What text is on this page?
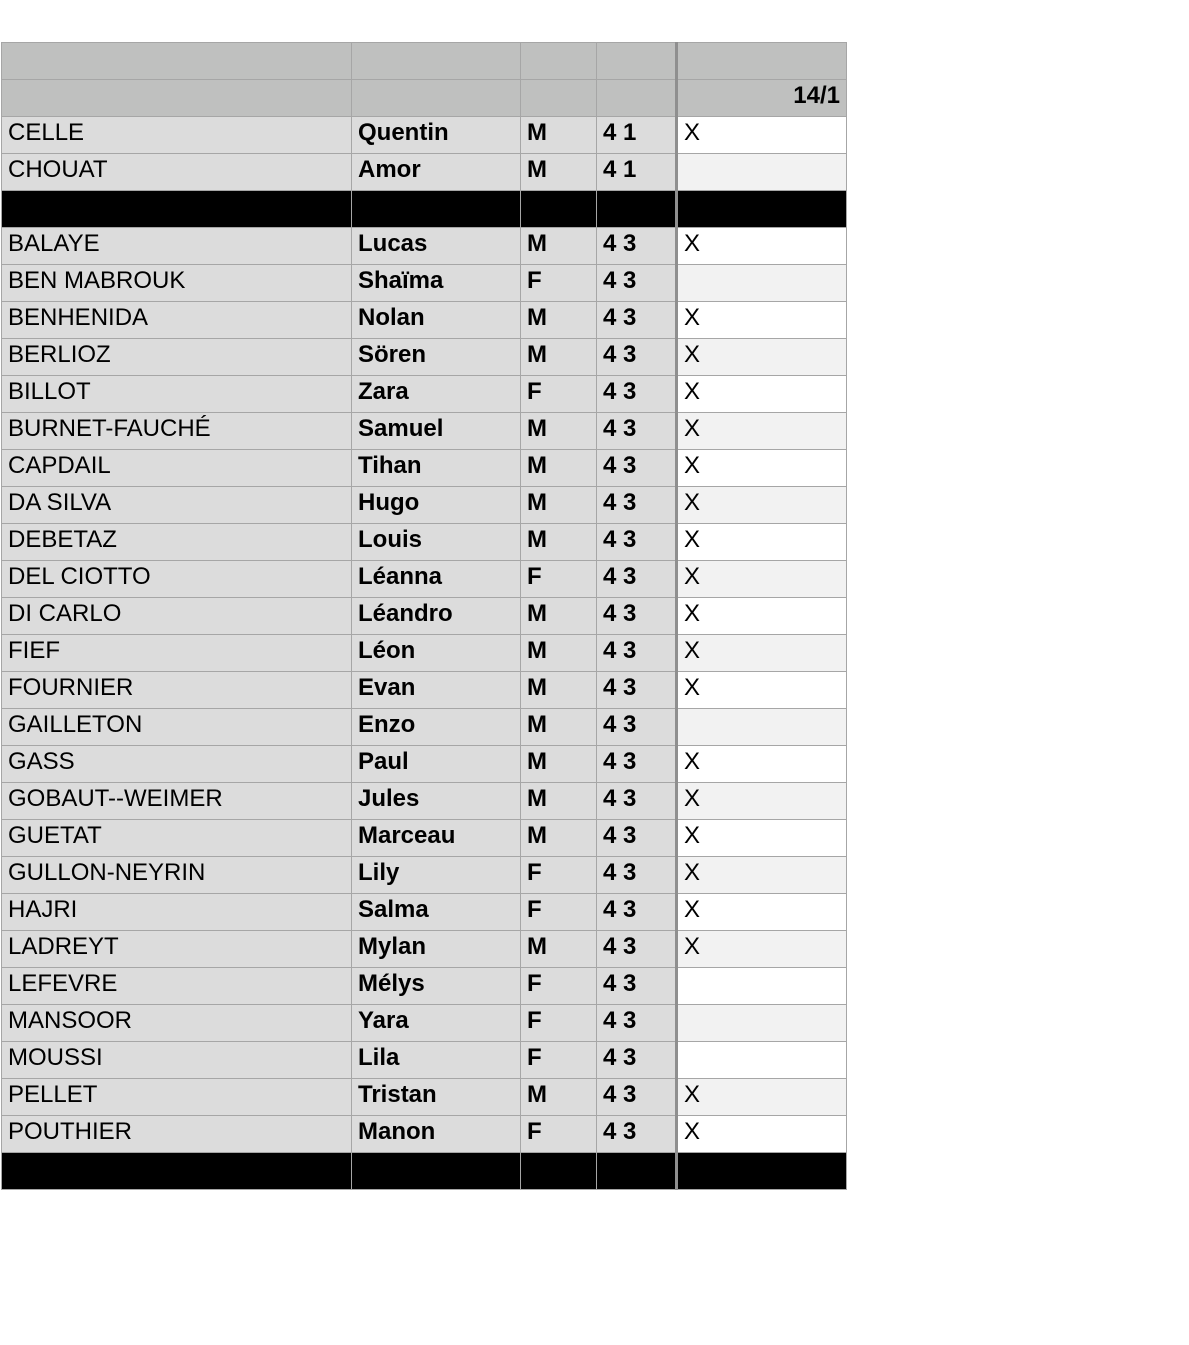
				14/1
CELLE	Quentin	M	4 1	X
CHOUAT	Amor	M	4 1	

BALAYE	Lucas	M	4 3	X
BEN MABROUK	Shaïma	F	4 3	
BENHENIDA	Nolan	M	4 3	X
BERLIOZ	Sören	M	4 3	X
BILLOT	Zara	F	4 3	X
BURNET-FAUCHÉ	Samuel	M	4 3	X
CAPDAIL	Tihan	M	4 3	X
DA SILVA	Hugo	M	4 3	X
DEBETAZ	Louis	M	4 3	X
DEL CIOTTO	Léanna	F	4 3	X
DI CARLO	Léandro	M	4 3	X
FIEF	Léon	M	4 3	X
FOURNIER	Evan	M	4 3	X
GAILLETON	Enzo	M	4 3	
GASS	Paul	M	4 3	X
GOBAUT--WEIMER	Jules	M	4 3	X
GUETAT	Marceau	M	4 3	X
GULLON-NEYRIN	Lily	F	4 3	X
HAJRI	Salma	F	4 3	X
LADREYT	Mylan	M	4 3	X
LEFEVRE	Mélys	F	4 3	
MANSOOR	Yara	F	4 3	
MOUSSI	Lila	F	4 3	
PELLET	Tristan	M	4 3	X
POUTHIER	Manon	F	4 3	X
